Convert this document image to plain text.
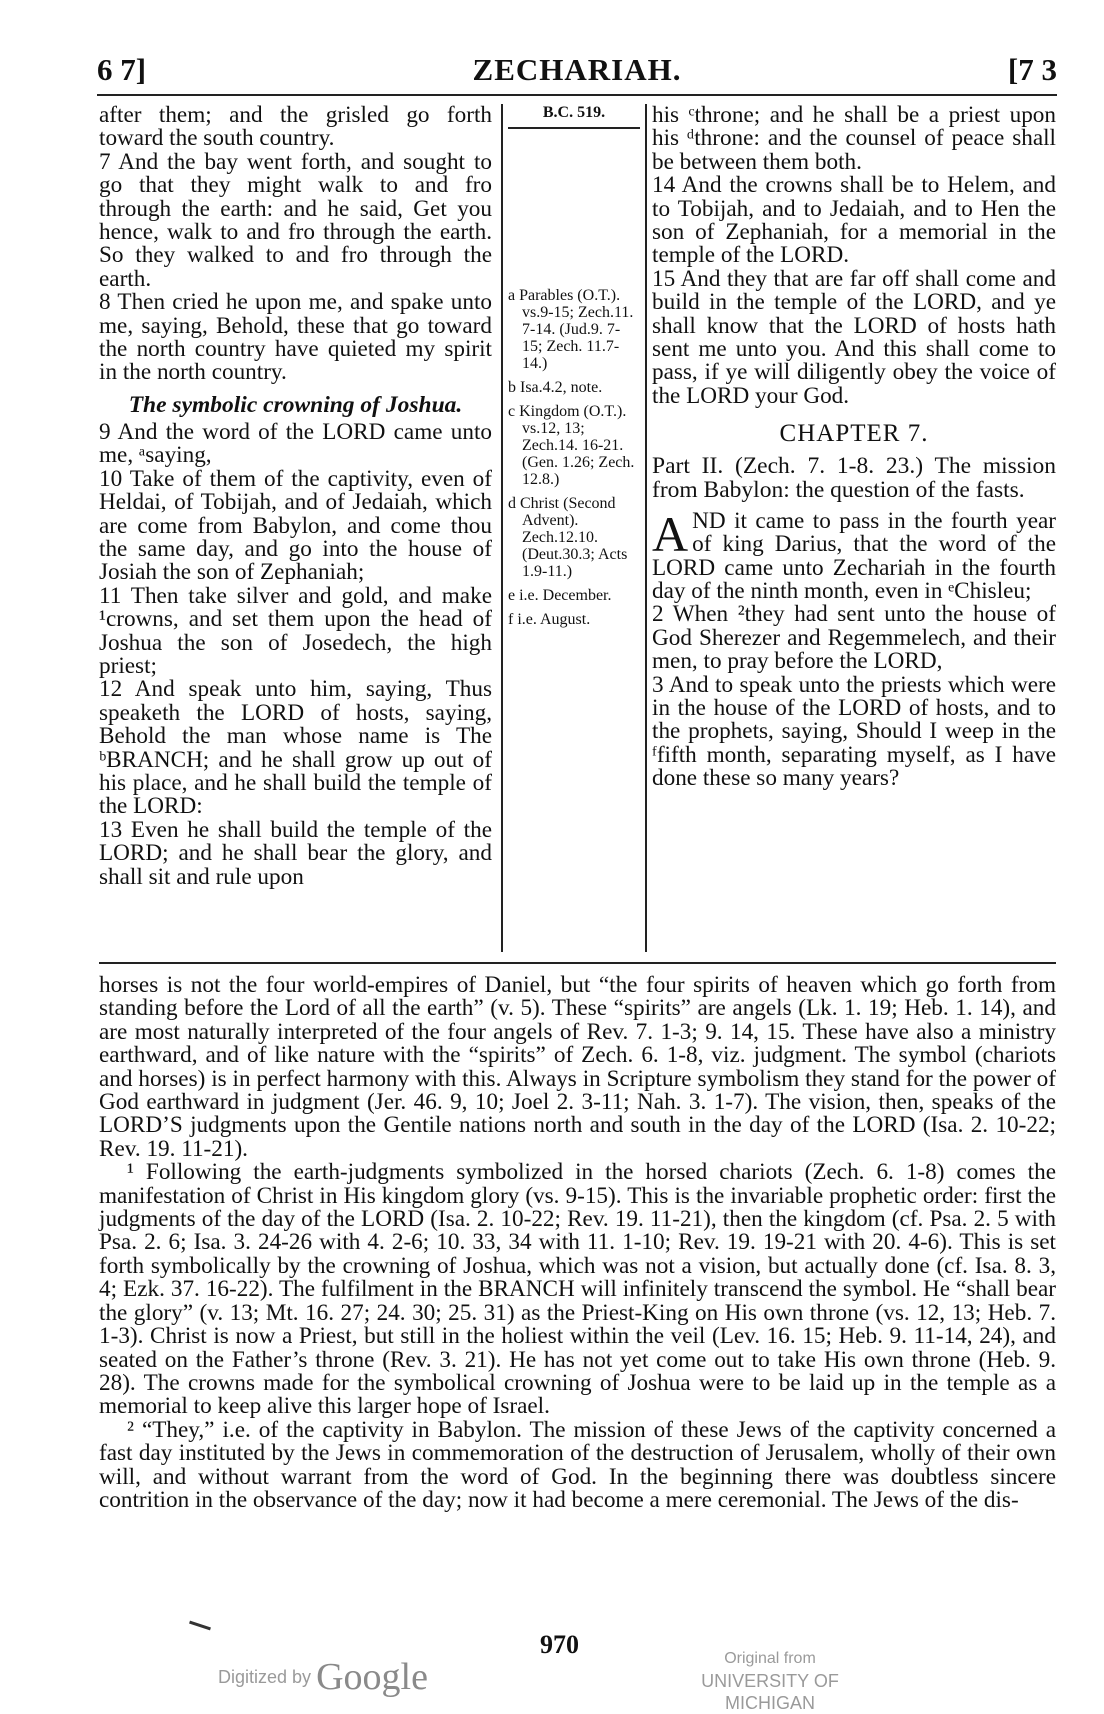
6 7]	ZECHARIAH.	[7 3

after them; and the grisled go forth toward the south country.

7 And the bay went forth, and sought to go that they might walk to and fro through the earth: and he said, Get you hence, walk to and fro through the earth. So they walked to and fro through the earth.

8 Then cried he upon me, and spake unto me, saying, Behold, these that go toward the north country have quieted my spirit in the north country.

The symbolic crowning of Joshua.

9 And the word of the LORD came unto me, ᵃsaying,

10 Take of them of the captivity, even of Heldai, of Tobijah, and of Jedaiah, which are come from Babylon, and come thou the same day, and go into the house of Josiah the son of Zephaniah;

11 Then take silver and gold, and make ¹crowns, and set them upon the head of Joshua the son of Josedech, the high priest;

12 And speak unto him, saying, Thus speaketh the LORD of hosts, saying, Behold the man whose name is The ᵇBRANCH; and he shall grow up out of his place, and he shall build the temple of the LORD:

13 Even he shall build the temple of the LORD; and he shall bear the glory, and shall sit and rule upon

B.C. 519.

a Parables (O.T.). vs.9-15; Zech.11. 7-14. (Jud.9. 7-15; Zech. 11.7-14.)

b Isa.4.2, note.

c Kingdom (O.T.). vs.12, 13; Zech.14. 16-21. (Gen. 1.26; Zech. 12.8.)

d Christ (Second Advent). Zech.12.10. (Deut.30.3; Acts 1.9-11.)

e i.e. December.

f i.e. August.

his ᶜthrone; and he shall be a priest upon his ᵈthrone: and the counsel of peace shall be between them both.

14 And the crowns shall be to Helem, and to Tobijah, and to Jedaiah, and to Hen the son of Zephaniah, for a memorial in the temple of the LORD.

15 And they that are far off shall come and build in the temple of the LORD, and ye shall know that the LORD of hosts hath sent me unto you. And this shall come to pass, if ye will diligently obey the voice of the LORD your God.

CHAPTER 7.
Part II. (Zech. 7. 1-8. 23.) The mission from Babylon: the question of the fasts.

AND it came to pass in the fourth year of king Darius, that the word of the LORD came unto Zechariah in the fourth day of the ninth month, even in ᵉChisleu;

2 When ²they had sent unto the house of God Sherezer and Regemmelech, and their men, to pray before the LORD,

3 And to speak unto the priests which were in the house of the LORD of hosts, and to the prophets, saying, Should I weep in the ᶠfifth month, separating myself, as I have done these so many years?

horses is not the four world-empires of Daniel, but “the four spirits of heaven which go forth from standing before the Lord of all the earth” (v. 5). These “spirits” are angels (Lk. 1. 19; Heb. 1. 14), and are most naturally interpreted of the four angels of Rev. 7. 1-3; 9. 14, 15. These have also a ministry earthward, and of like nature with the “spirits” of Zech. 6. 1-8, viz. judgment. The symbol (chariots and horses) is in perfect harmony with this. Always in Scripture symbolism they stand for the power of God earthward in judgment (Jer. 46. 9, 10; Joel 2. 3-11; Nah. 3. 1-7). The vision, then, speaks of the LORD’S judgments upon the Gentile nations north and south in the day of the LORD (Isa. 2. 10-22; Rev. 19. 11-21).

¹ Following the earth-judgments symbolized in the horsed chariots (Zech. 6. 1-8) comes the manifestation of Christ in His kingdom glory (vs. 9-15). This is the invariable prophetic order: first the judgments of the day of the LORD (Isa. 2. 10-22; Rev. 19. 11-21), then the kingdom (cf. Psa. 2. 5 with Psa. 2. 6; Isa. 3. 24-26 with 4. 2-6; 10. 33, 34 with 11. 1-10; Rev. 19. 19-21 with 20. 4-6). This is set forth symbolically by the crowning of Joshua, which was not a vision, but actually done (cf. Isa. 8. 3, 4; Ezk. 37. 16-22). The fulfilment in the BRANCH will infinitely transcend the symbol. He “shall bear the glory” (v. 13; Mt. 16. 27; 24. 30; 25. 31) as the Priest-King on His own throne (vs. 12, 13; Heb. 7. 1-3). Christ is now a Priest, but still in the holiest within the veil (Lev. 16. 15; Heb. 9. 11-14, 24), and seated on the Father’s throne (Rev. 3. 21). He has not yet come out to take His own throne (Heb. 9. 28). The crowns made for the symbolical crowning of Joshua were to be laid up in the temple as a memorial to keep alive this larger hope of Israel.

² “They,” i.e. of the captivity in Babylon. The mission of these Jews of the captivity concerned a fast day instituted by the Jews in commemoration of the destruction of Jerusalem, wholly of their own will, and without warrant from the word of God. In the beginning there was doubtless sincere contrition in the observance of the day; now it had become a mere ceremonial. The Jews of the dis-

970
Digitized by Google	Original from
UNIVERSITY OF MICHIGAN
